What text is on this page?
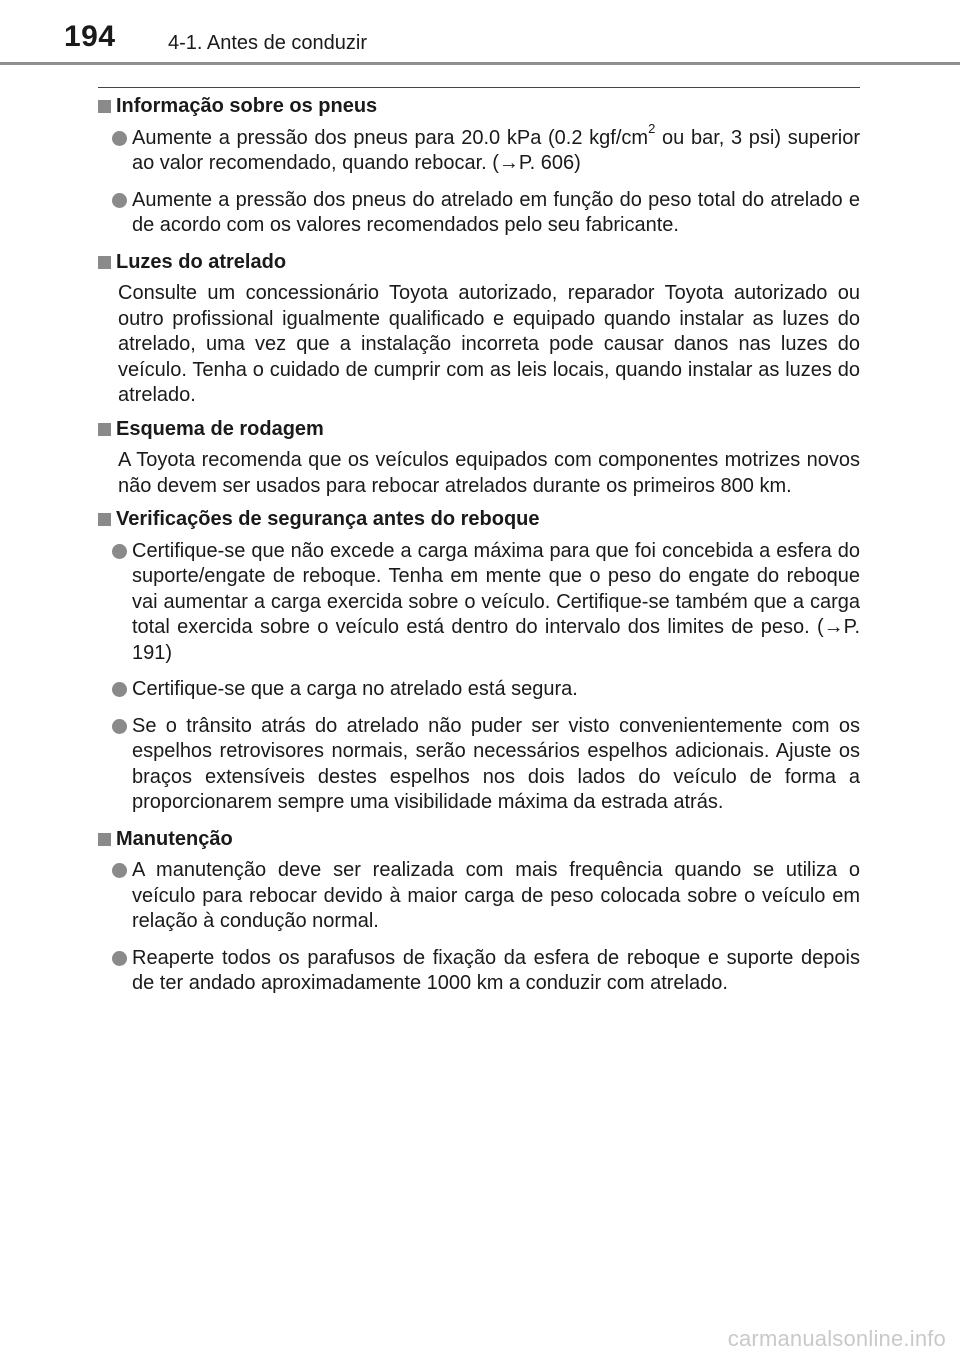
194	4-1. Antes de conduzir
Informação sobre os pneus
Aumente a pressão dos pneus para 20.0 kPa (0.2 kgf/$cm^2$ ou bar, 3 psi) superior ao valor recomendado, quando rebocar. (→P. 606)
Aumente a pressão dos pneus do atrelado em função do peso total do atrelado e de acordo com os valores recomendados pelo seu fabricante.
Luzes do atrelado

Consulte um concessionário Toyota autorizado, reparador Toyota autorizado ou outro profissional igualmente qualificado e equipado quando instalar as luzes do atrelado, uma vez que a instalação incorreta pode causar danos nas luzes do veículo. Tenha o cuidado de cumprir com as leis locais, quando instalar as luzes do atrelado.

Esquema de rodagem

A Toyota recomenda que os veículos equipados com componentes motrizes novos não devem ser usados para rebocar atrelados durante os primeiros 800 km.

Verificações de segurança antes do reboque
Certifique-se que não excede a carga máxima para que foi concebida a esfera do suporte/engate de reboque. Tenha em mente que o peso do engate do reboque vai aumentar a carga exercida sobre o veículo. Certifique-se também que a carga total exercida sobre o veículo está dentro do intervalo dos limites de peso. (→P. 191)
Certifique-se que a carga no atrelado está segura.
Se o trânsito atrás do atrelado não puder ser visto convenientemente com os espelhos retrovisores normais, serão necessários espelhos adicionais. Ajuste os braços extensíveis destes espelhos nos dois lados do veículo de forma a proporcionarem sempre uma visibilidade máxima da estrada atrás.
Manutenção
A manutenção deve ser realizada com mais frequência quando se utiliza o veículo para rebocar devido à maior carga de peso colocada sobre o veículo em relação à condução normal.
Reaperte todos os parafusos de fixação da esfera de reboque e suporte depois de ter andado aproximadamente 1000 km a conduzir com atrelado.
carmanualsonline.info
